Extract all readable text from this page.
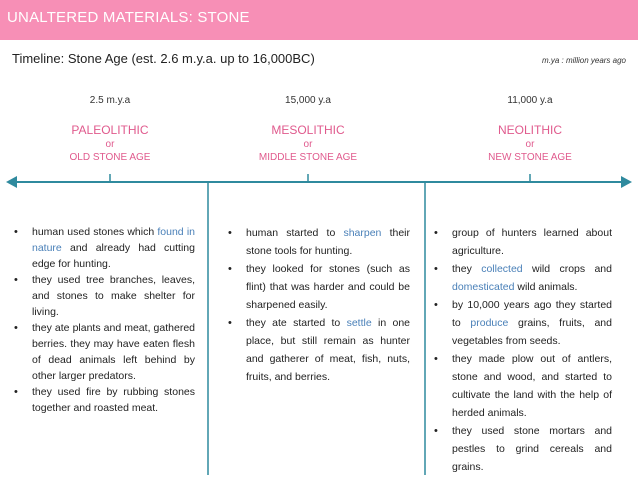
UNALTERED MATERIALS: STONE
Timeline: Stone Age (est. 2.6 m.y.a. up to 16,000BC)	m.ya : million years ago
2.5 m.y.a
PALEOLITHIC
or
OLD STONE AGE
15,000 y.a
MESOLITHIC
or
MIDDLE STONE AGE
11,000 y.a
NEOLITHIC
or
NEW STONE AGE
• human used stones which found in nature and already had cutting edge for hunting.
• they used tree branches, leaves, and stones to make shelter for living.
• they ate plants and meat, gathered berries. they may have eaten flesh of dead animals left behind by other larger predators.
• they used fire by rubbing stones together and roasted meat.
• human started to sharpen their stone tools for hunting.
• they looked for stones (such as flint) that was harder and could be sharpened easily.
• they ate started to settle in one place, but still remain as hunter and gatherer of meat, fish, nuts, fruits, and berries.
• group of hunters learned about agriculture.
• they collected wild crops and domesticated wild animals.
• by 10,000 years ago they started to produce grains, fruits, and vegetables from seeds.
• they made plow out of antlers, stone and wood, and started to cultivate the land with the help of herded animals.
• they used stone mortars and pestles to grind cereals and grains.
